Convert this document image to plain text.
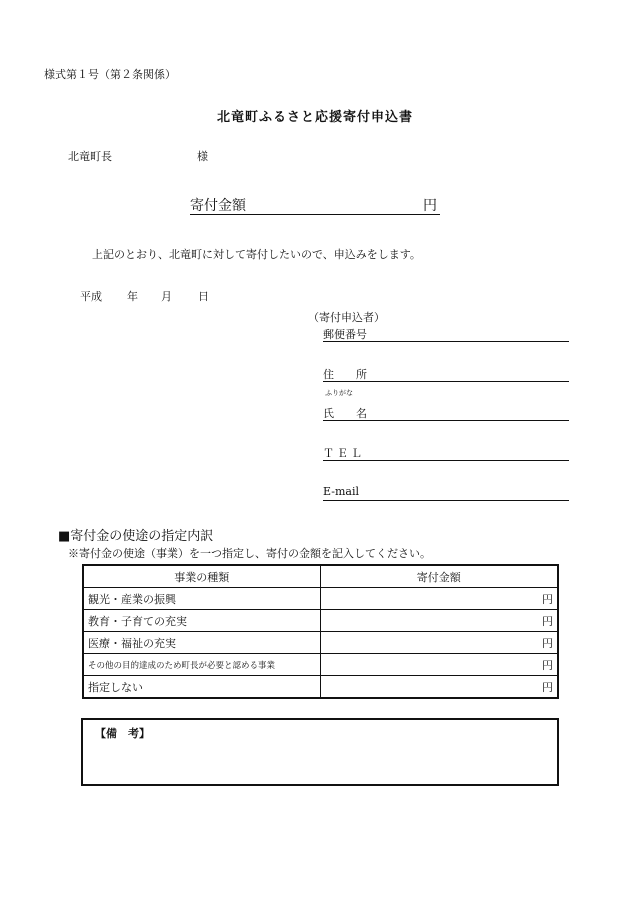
様式第１号（第２条関係）
北竜町ふるさと応援寄付申込書
北竜町長	様
寄付金額	円
上記のとおり、北竜町に対して寄付したいので、申込みをします。
平成 年 月 日
（寄付申込者）
郵便番号
住　　所
ふりがな
氏　　名
ＴＥＬ
E-mail
■寄付金の使途の指定内訳
※寄付金の使途（事業）を一つ指定し、寄付の金額を記入してください。
事業の種類	寄付金額
観光・産業の振興	円
教育・子育ての充実	円
医療・福祉の充実	円
その他の目的達成のため町長が必要と認める事業	円
指定しない	円
【備　考】
